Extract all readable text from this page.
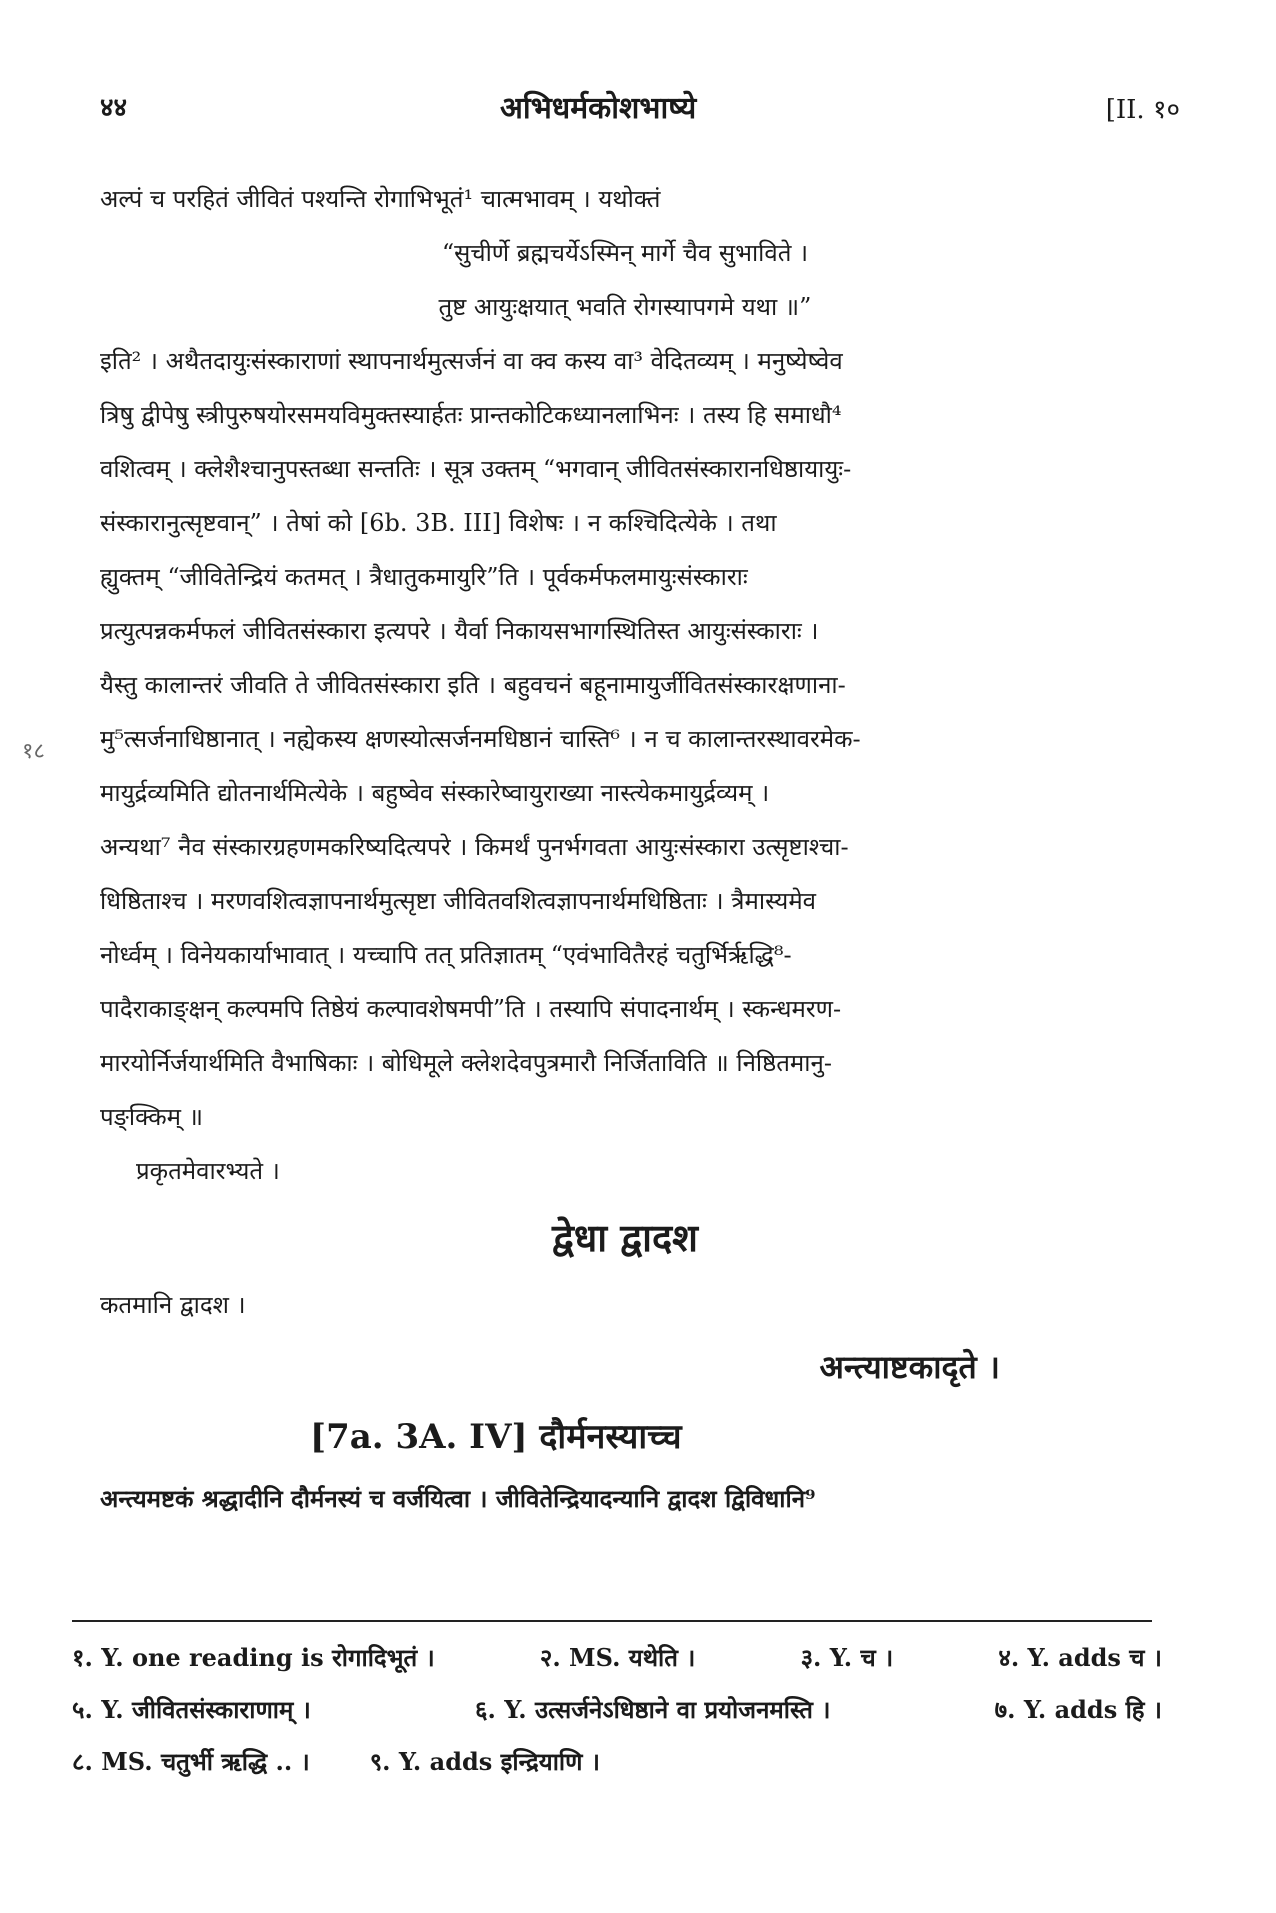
४४	अभिधर्मकोशभाष्ये	[II. १०
१८
अल्पं च परहितं जीवितं पश्यन्ति रोगाभिभूतं¹ चात्मभावम् । यथोक्तं
“सुचीर्णे ब्रह्मचर्येऽस्मिन् मार्गे चैव सुभाविते ।
तुष्ट आयुःक्षयात् भवति रोगस्यापगमे यथा ॥”
इति² । अथैतदायुःसंस्काराणां स्थापनार्थमुत्सर्जनं वा क्व कस्य वा³ वेदितव्यम् । मनुष्येष्वेव
त्रिषु द्वीपेषु स्त्रीपुरुषयोरसमयविमुक्तस्यार्हतः प्रान्तकोटिकध्यानलाभिनः । तस्य हि समाधौ⁴
वशित्वम् । क्लेशैश्चानुपस्तब्धा सन्ततिः । सूत्र उक्तम् “भगवान् जीवितसंस्कारानधिष्ठायायुः-
संस्कारानुत्सृष्टवान्” । तेषां को [6b. 3B. III] विशेषः । न कश्चिदित्येके । तथा
ह्युक्तम् “जीवितेन्द्रियं कतमत् । त्रैधातुकमायुरि”ति । पूर्वकर्मफलमायुःसंस्काराः
प्रत्युत्पन्नकर्मफलं जीवितसंस्कारा इत्यपरे । यैर्वा निकायसभागस्थितिस्त आयुःसंस्काराः ।
यैस्तु कालान्तरं जीवति ते जीवितसंस्कारा इति । बहुवचनं बहूनामायुर्जीवितसंस्कारक्षणाना-
मु⁵त्सर्जनाधिष्ठानात् । नह्येकस्य क्षणस्योत्सर्जनमधिष्ठानं चास्ति⁶ । न च कालान्तरस्थावरमेक-
मायुर्द्रव्यमिति द्योतनार्थमित्येके । बहुष्वेव संस्कारेष्वायुराख्या नास्त्येकमायुर्द्रव्यम् ।
अन्यथा⁷ नैव संस्कारग्रहणमकरिष्यदित्यपरे । किमर्थं पुनर्भगवता आयुःसंस्कारा उत्सृष्टाश्चा-
धिष्ठिताश्च । मरणवशित्वज्ञापनार्थमुत्सृष्टा जीवितवशित्वज्ञापनार्थमधिष्ठिताः । त्रैमास्यमेव
नोर्ध्वम् । विनेयकार्याभावात् । यच्चापि तत् प्रतिज्ञातम् “एवंभावितैरहं चतुर्भिर्ऋद्धि⁸-
पादैराकाङ्क्षन् कल्पमपि तिष्ठेयं कल्पावशेषमपी”ति । तस्यापि संपादनार्थम् । स्कन्धमरण-
मारयोर्निर्जयार्थमिति वैभाषिकाः । बोधिमूले क्लेशदेवपुत्रमारौ निर्जिताविति ॥ निष्ठितमानु-
पङ्क्किम् ॥
प्रकृतमेवारभ्यते ।
द्वेधा द्वादश
कतमानि द्वादश ।
अन्त्याष्टकादृते ।
[7a. 3A. IV] दौर्मनस्याच्च
अन्त्यमष्टकं श्रद्धादीनि दौर्मनस्यं च वर्जयित्वा । जीवितेन्द्रियादन्यानि द्वादश द्विविधानि⁹
१. Y. one reading is रोगादिभूतं ।	२. MS. यथेति ।	३. Y. च ।	४. Y. adds च ।
५. Y. जीवितसंस्काराणाम् ।	६. Y. उत्सर्जनेऽधिष्ठाने वा प्रयोजनमस्ति ।	७. Y. adds हि ।
८. MS. चतुर्भी ऋद्धि .. ।	९. Y. adds इन्द्रियाणि ।
